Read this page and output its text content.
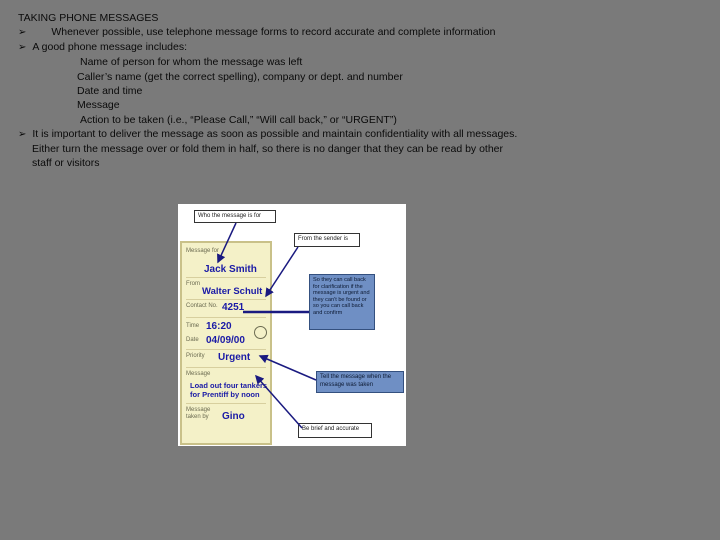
TAKING PHONE MESSAGES
➢ Whenever possible, use telephone message forms to record accurate and complete information
➢ A good phone message includes:
Name of person for whom the message was left
Caller’s name (get the correct spelling), company or dept. and number
Date and time
Message
Action to be taken (i.e., “Please Call,” “Will call back,” or “URGENT”)
➢ It is important to deliver the message as soon as possible and maintain confidentiality with all messages.
Either turn the message over or fold them in half, so there is no danger that they can be read by other
staff or visitors
Message for
Jack Smith
From
Walter Schult
Contact No. 4251
Time 16:20
Date 04/09/00
Priority Urgent
Message
Load out four tankers
for Prentiff by noon
Message taken by	Gino
Who the message is for
From the sender is
So they can call back for clarification if the message is urgent and they can't be found or so you can call back and confirm
Tell the message when the message was taken
Be brief and accurate
